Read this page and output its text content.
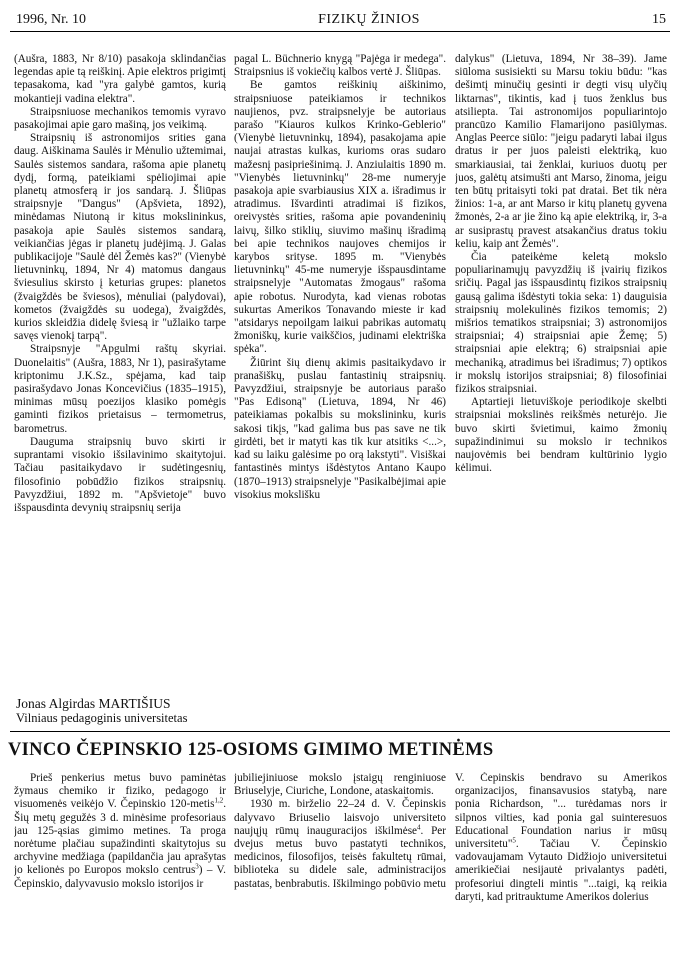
1996, Nr. 10	FIZIKŲ ŽINIOS	15

(Aušra, 1883, Nr 8/10) pasakoja sklindančias legendas apie tą reiškinį. Apie elektros prigimtį tepasakoma, kad "yra galybė gamtos, kurią mokantieji vadina elektra".

Straipsniuose mechanikos temomis vyravo pasakojimai apie garo mašiną, jos veikimą.

Straipsnių iš astronomijos srities gana daug. Aiškinama Saulės ir Mėnulio užtemimai, Saulės sistemos sandara, rašoma apie planetų dydį, formą, pateikiami spėliojimai apie planetų atmosferą ir jos sandarą. J. Šliūpas straipsnyje "Dangus" (Apšvieta, 1892), minėdamas Niutoną ir kitus mokslininkus, pasakoja apie Saulės sistemos sandarą, veikiančias jėgas ir planetų judėjimą. J. Galas publikacijoje "Saulė dėl Žemės kas?" (Vienybė lietuvninkų, 1894, Nr 4) matomus dangaus šviesulius skirsto į keturias grupes: planetos (žvaigždės be šviesos), mėnuliai (palydovai), kometos (žvaigždės su uodega), žvaigždės, kurios skleidžia didelę šviesą ir "užlaiko tarpe savęs vienokį tarpą".

Straipsnyje "Apgulmi raštų skyriai. Duonelaitis" (Aušra, 1883, Nr 1), pasirašytame kriptonimu J.K.Sz., spėjama, kad taip pasirašydavo Jonas Koncevičius (1835–1915), minimas mūsų poezijos klasiko pomėgis gaminti fizikos prietaisus – termometrus, barometrus.

Dauguma straipsnių buvo skirti ir suprantami visokio išsilavinimo skaitytojui. Tačiau pasitaikydavo ir sudėtingesnių, filosofinio pobūdžio fizikos straipsnių. Pavyzdžiui, 1892 m. "Apšvietoje" buvo išspausdinta devynių straipsnių serija

pagal L. Büchnerio knygą "Pajėga ir medega". Straipsnius iš vokiečių kalbos vertė J. Šliūpas.

Be gamtos reiškinių aiškinimo, straipsniuose pateikiamos ir technikos naujienos, pvz. straipsnelyje be autoriaus parašo "Kiauros kulkos Krinko-Geblerio" (Vienybė lietuvninkų, 1894), pasakojama apie naujai atrastas kulkas, kurioms oras sudaro mažesnį pasipriešinimą. J. Anziulaitis 1890 m. "Vienybės lietuvninkų" 28-me numeryje pasakoja apie svarbiausius XIX a. išradimus ir atradimus. Išvardinti atradimai iš fizikos, oreivystės srities, rašoma apie povandeninių laivų, šilko stiklių, siuvimo mašinų išradimą bei apie technikos naujoves chemijos ir karybos srityse. 1895 m. "Vienybės lietuvninkų" 45-me numeryje išspausdintame straipsnelyje "Automatas žmogaus" rašoma apie robotus. Nurodyta, kad vienas robotas sukurtas Amerikos Tonavando mieste ir kad "atsidarys nepoilgam laikui pabrikas automatų žmoniškų, kurie vaikščios, judinami elektriška spėka".

Žiūrint šių dienų akimis pasitaikydavo ir pranašiškų, puslau fantastinių straipsnių. Pavyzdžiui, straipsnyje be autoriaus parašo "Pas Edisoną" (Lietuva, 1894, Nr 46) pateikiamas pokalbis su mokslininku, kuris sakosi tikįs, "kad galima bus pas save ne tik girdėti, bet ir matyti kas tik kur atsitiks <...>, kad su laiku galėsime po orą lakstyti". Visiškai fantastinės mintys išdėstytos Antano Kaupo (1870–1913) straipsnelyje "Pasikalbėjimai apie visokius mokslišku

dalykus" (Lietuva, 1894, Nr 38–39). Jame siūloma susisiekti su Marsu tokiu būdu: "kas dešimtį minučių gesinti ir degti visų ulyčių liktarnas", tikintis, kad į tuos ženklus bus atsiliepta. Tai astronomijos populiarintojo prancūzo Kamilio Flamarijono pasiūlymas. Anglas Peerce siūlo: "jeigu padaryti labai ilgus dratus ir per juos paleisti elektriką, kuo smarkiausiai, tai ženklai, kuriuos duotų per juos, galėtų atsimušti ant Marso, žinoma, jeigu ten būtų pritaisyti toki pat dratai. Bet tik nėra žinios: 1-a, ar ant Marso ir kitų planetų gyvena žmonės, 2-a ar jie žino ką apie elektriką, ir, 3-a ar susiprastų pravest atsakančius dratus tokiu keliu, kaip ant Žemės".

Čia pateikėme keletą mokslo populiarinamųjų pavyzdžių iš įvairių fizikos sričių. Pagal jas išspausdintų fizikos straipsnių gausą galima išdėstyti tokia seka: 1) dauguisia straipsnių molekulinės fizikos temomis; 2) mišrios tematikos straipsniai; 3) astronomijos straipsniai; 4) straipsniai apie Žemę; 5) straipsniai apie elektrą; 6) straipsniai apie mechaniką, atradimus bei išradimus; 7) optikos ir mokslų istorijos straipsniai; 8) filosofiniai fizikos straipsniai.

Aptartieji lietuviškoje periodikoje skelbti straipsniai mokslinės reikšmės neturėjo. Jie buvo skirti švietimui, kaimo žmonių supažindinimui su mokslo ir technikos naujovėmis bei bendram kultūrinio lygio kėlimui.

Jonas Algirdas MARTIŠIUS
Vilniaus pedagoginis universitetas
VINCO ČEPINSKIO 125-OSIOMS GIMIMO METINĖMS

Prieš penkerius metus buvo paminėtas žymaus chemiko ir fiziko, pedagogo ir visuomenės veikėjo V. Čepinskio 120-metis$^{1,2}$. Šių metų gegužės 3 d. minėsime profesoriaus jau 125-ąsias gimimo metines. Ta proga norėtume plačiau supažindinti skaitytojus su archyvine medžiaga (papildančia jau aprašytas jo kelionės po Europos mokslo centrus$^3$) – V. Čepinskio, dalyvavusio mokslo istorijos ir

jubiliejiniuose mokslo įstaigų renginiuose Briuselyje, Ciuriche, Londone, ataskaitomis.

1930 m. birželio 22–24 d. V. Čepinskis dalyvavo Briuselio laisvojo universiteto naujųjų rūmų inauguracijos iškilmėse$^4$. Per dvejus metus buvo pastatyti technikos, medicinos, filosofijos, teisės fakultetų rūmai, biblioteka su didele sale, administracijos pastatas, benbrabutis. Iškilmingo pobūvio metu

V. Čepinskis bendravo su Amerikos organizacijos, finansavusios statybą, nare ponia Richardson, "... turėdamas nors ir silpnos vilties, kad ponia gal suinteresuos Educational Foundation narius ir mūsų universitetu"$^5$. Tačiau V. Čepinskio vadovaujamam Vytauto Didžiojo universitetui amerikiečiai nesijautė privalantys padėti, profesoriui dingteli mintis "...taigi, ką reikia daryti, kad pritrauktume Amerikos dolerius
